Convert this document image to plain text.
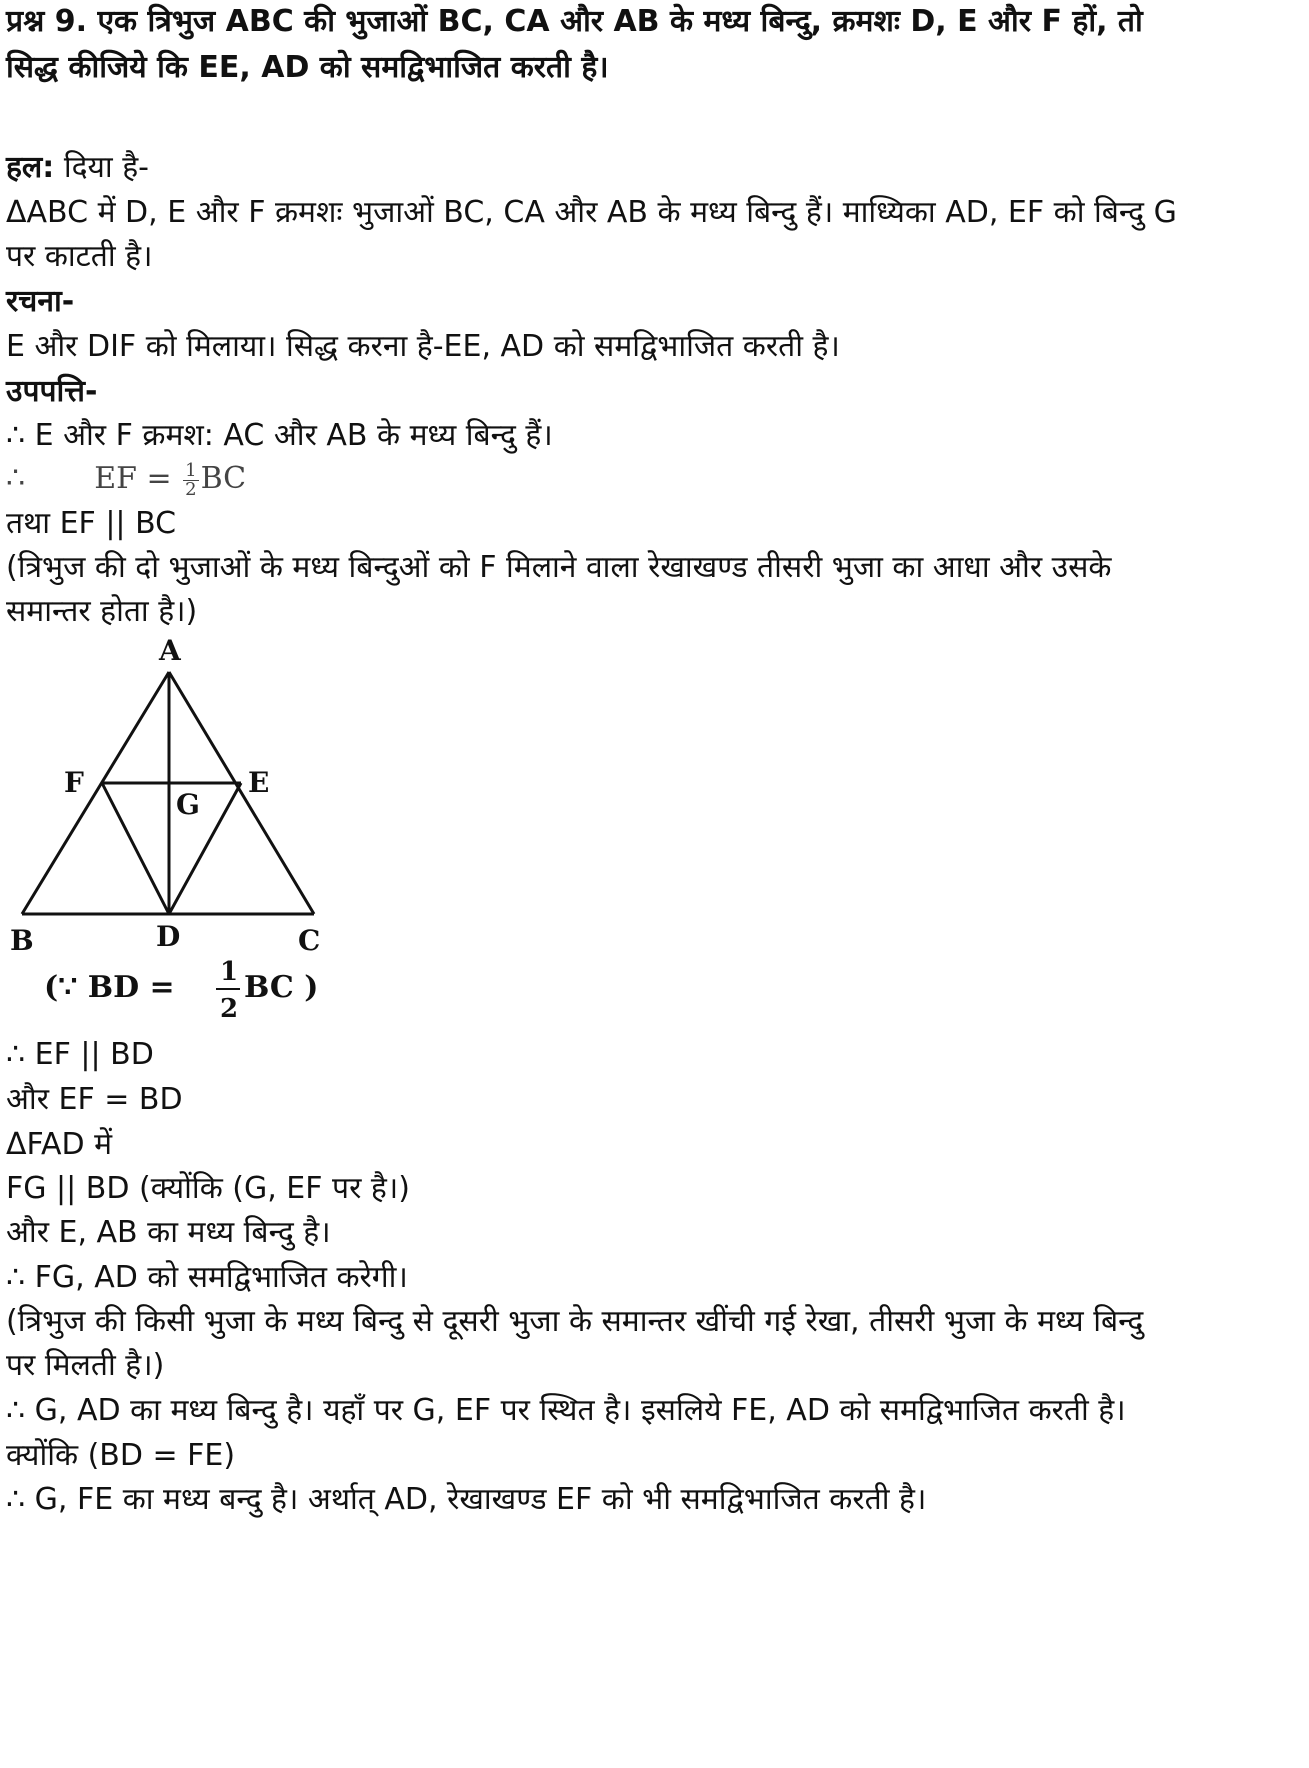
प्रश्न 9. एक त्रिभुज ABC की भुजाओं BC, CA और AB के मध्य बिन्दु, क्रमशः D, E और F हों, तो
सिद्ध कीजिये कि EE, AD को समद्विभाजित करती है।
हल: दिया है-
ΔABC में D, E और F क्रमशः भुजाओं BC, CA और AB के मध्य बिन्दु हैं। माध्यिका AD, EF को बिन्दु G
पर काटती है।
रचना-
E और DIF को मिलाया। सिद्ध करना है-EE, AD को समद्विभाजित करती है।
उपपत्ति-
∴ E और F क्रमश: AC और AB के मध्य बिन्दु हैं।
∴ EF = $\frac{1}{2}$ BC
तथा EF || BC
(त्रिभुज की दो भुजाओं के मध्य बिन्दुओं को F मिलाने वाला रेखाखण्ड तीसरी भुजा का आधा और उसके
समान्तर होता है।)
A
B	C
D
E
F
G
(∵ BD = 1
2
BC )
∴ EF || BD
और EF = BD
ΔFAD में
FG || BD (क्योंकि (G, EF पर है।)
और E, AB का मध्य बिन्दु है।
∴ FG, AD को समद्विभाजित करेगी।
(त्रिभुज की किसी भुजा के मध्य बिन्दु से दूसरी भुजा के समान्तर खींची गई रेखा, तीसरी भुजा के मध्य बिन्दु
पर मिलती है।)
∴ G, AD का मध्य बिन्दु है। यहाँ पर G, EF पर स्थित है। इसलिये FE, AD को समद्विभाजित करती है।
क्योंकि (BD = FE)
∴ G, FE का मध्य बन्दु है। अर्थात् AD, रेखाखण्ड EF को भी समद्विभाजित करती है।
